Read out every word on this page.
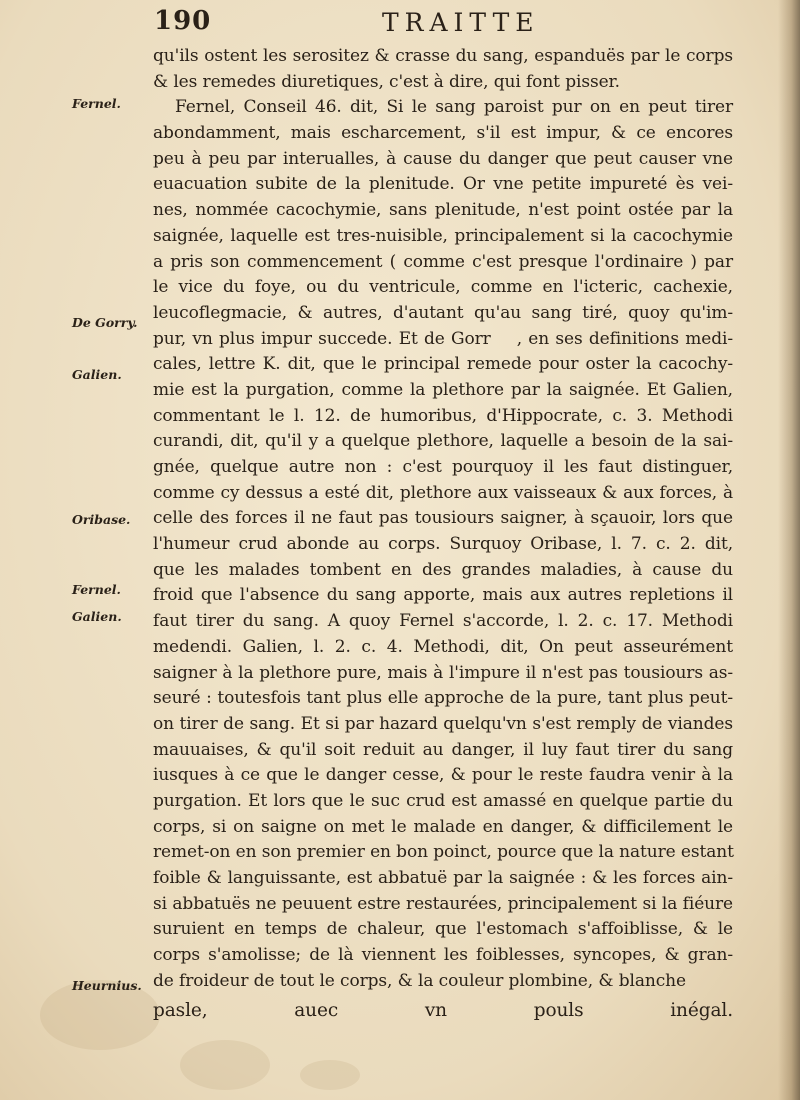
190	TRAITTE
Fernel.
De Gorry.
Galien.
Oribase.
Fernel.
Galien.
Heurnius.
qu'ils ostent les serositez & crasse du sang, espanduës par le corps
& les remedes diuretiques, c'est à dire, qui font pisser.
Fernel, Conseil 46. dit, Si le sang paroist pur on en peut tirer
abondamment, mais escharcement, s'il est impur, & ce encores
peu à peu par interualles, à cause du danger que peut causer vne
euacuation subite de la plenitude. Or vne petite impureté ès vei-
nes, nommée cacochymie, sans plenitude, n'est point ostée par la
saignée, laquelle est tres-nuisible, principalement si la cacochymie
a pris son commencement ( comme c'est presque l'ordinaire ) par
le vice du foye, ou du ventricule, comme en l'icteric, cachexie,
leucoflegmacie, & autres, d'autant qu'au sang tiré, quoy qu'im-
pur, vn plus impur succede. Et de Gorr , en ses definitions medi-
cales, lettre K. dit, que le principal remede pour oster la cacochy-
mie est la purgation, comme la plethore par la saignée. Et Galien,
commentant le l. 12. de humoribus, d'Hippocrate, c. 3. Methodi
curandi, dit, qu'il y a quelque plethore, laquelle a besoin de la sai-
gnée, quelque autre non : c'est pourquoy il les faut distinguer,
comme cy dessus a esté dit, plethore aux vaisseaux & aux forces, à
celle des forces il ne faut pas tousiours saigner, à sçauoir, lors que
l'humeur crud abonde au corps. Surquoy Oribase, l. 7. c. 2. dit,
que les malades tombent en des grandes maladies, à cause du
froid que l'absence du sang apporte, mais aux autres repletions il
faut tirer du sang. A quoy Fernel s'accorde, l. 2. c. 17. Methodi
medendi. Galien, l. 2. c. 4. Methodi, dit, On peut asseurément
saigner à la plethore pure, mais à l'impure il n'est pas tousiours as-
seuré : toutesfois tant plus elle approche de la pure, tant plus peut-
on tirer de sang. Et si par hazard quelqu'vn s'est remply de viandes
mauuaises, & qu'il soit reduit au danger, il luy faut tirer du sang
iusques à ce que le danger cesse, & pour le reste faudra venir à la
purgation. Et lors que le suc crud est amassé en quelque partie du
corps, si on saigne on met le malade en danger, & difficilement le
remet-on en son premier en bon poinct, pource que la nature estant
foible & languissante, est abbatuë par la saignée : & les forces ain-
si abbatuës ne peuuent estre restaurées, principalement si la fiéure
suruient en temps de chaleur, que l'estomach s'affoiblisse, & le
corps s'amolisse; de là viennent les foiblesses, syncopes, & gran-
de froideur de tout le corps, & la couleur plombine, & blanche
pasle, auec vn pouls inégal.
